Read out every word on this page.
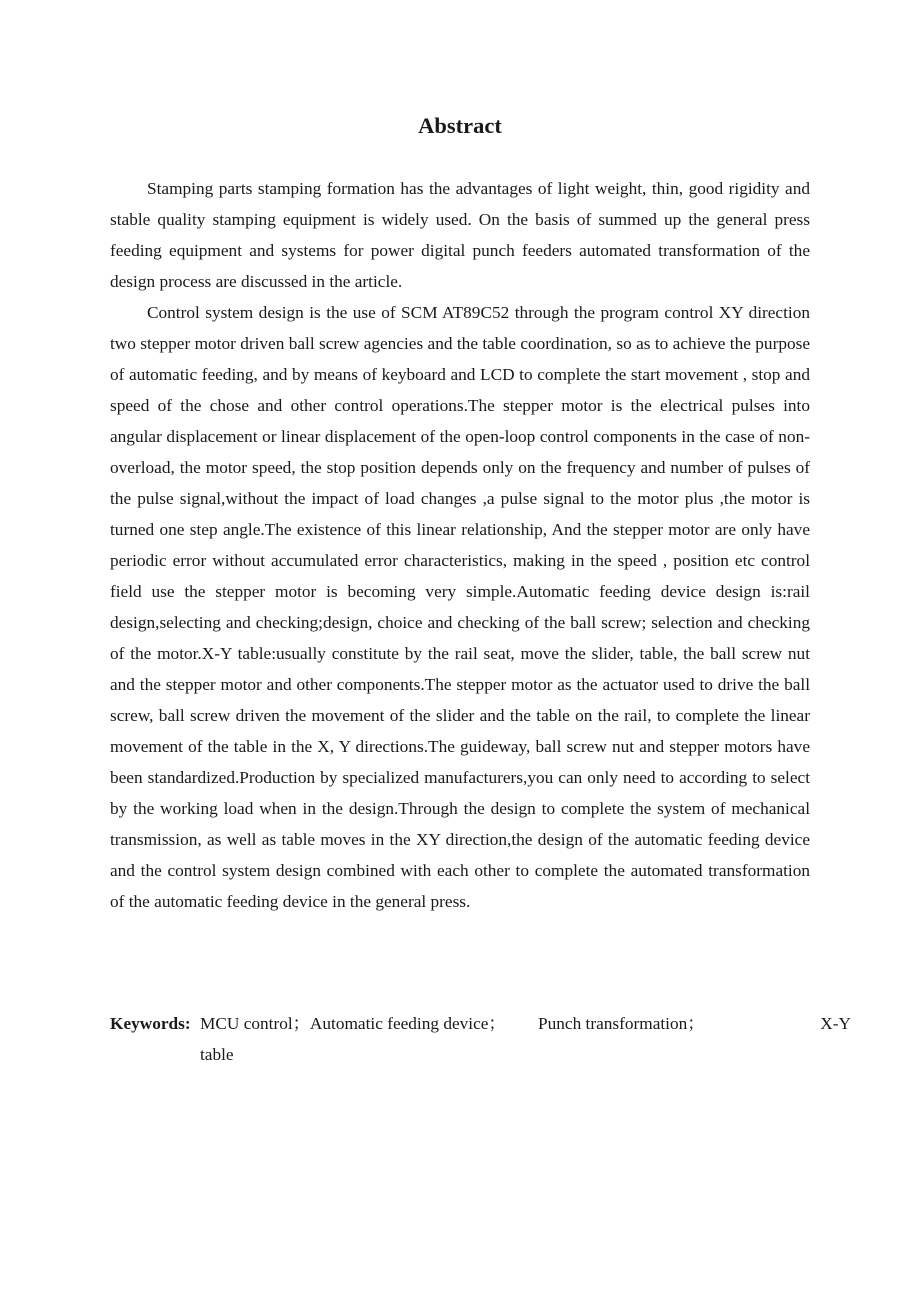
Abstract

Stamping parts stamping formation has the advantages of light weight, thin, good rigidity and stable quality stamping equipment is widely used. On the basis of summed up the general press feeding equipment and systems for power digital punch feeders automated transformation of the design process are discussed in the article.

Control system design is the use of SCM AT89C52 through the program control XY direction two stepper motor driven ball screw agencies and the table coordination, so as to achieve the purpose of automatic feeding, and by means of keyboard and LCD to complete the start movement , stop and speed of the chose and other control operations.The stepper motor is the electrical pulses into angular displacement or linear displacement of the open-loop control components in the case of non-overload, the motor speed, the stop position depends only on the frequency and number of pulses of the pulse signal,without the impact of load changes ,a pulse signal to the motor plus ,the motor is turned one step angle.The existence of this linear relationship, And the stepper motor are only have periodic error without accumulated error characteristics, making in the speed , position etc control field use the stepper motor is becoming very simple.Automatic feeding device design is:rail design,selecting and checking;design, choice and checking of the ball screw; selection and checking of the motor.X-Y table:usually constitute by the rail seat, move the slider, table, the ball screw nut and the stepper motor and other components.The stepper motor as the actuator used to drive the ball screw, ball screw driven the movement of the slider and the table on the rail, to complete the linear movement of the table in the X, Y directions.The guideway, ball screw nut and stepper motors have been standardized.Production by specialized manufacturers,you can only need to according to select by the working load when in the design.Through the design to complete the system of mechanical transmission, as well as table moves in the XY direction,the design of the automatic feeding device and the control system design combined with each other to complete the automated transformation of the automatic feeding device in the general press.

Keywords: MCU control；Automatic feeding device； Punch transformation；	X-Y
table
